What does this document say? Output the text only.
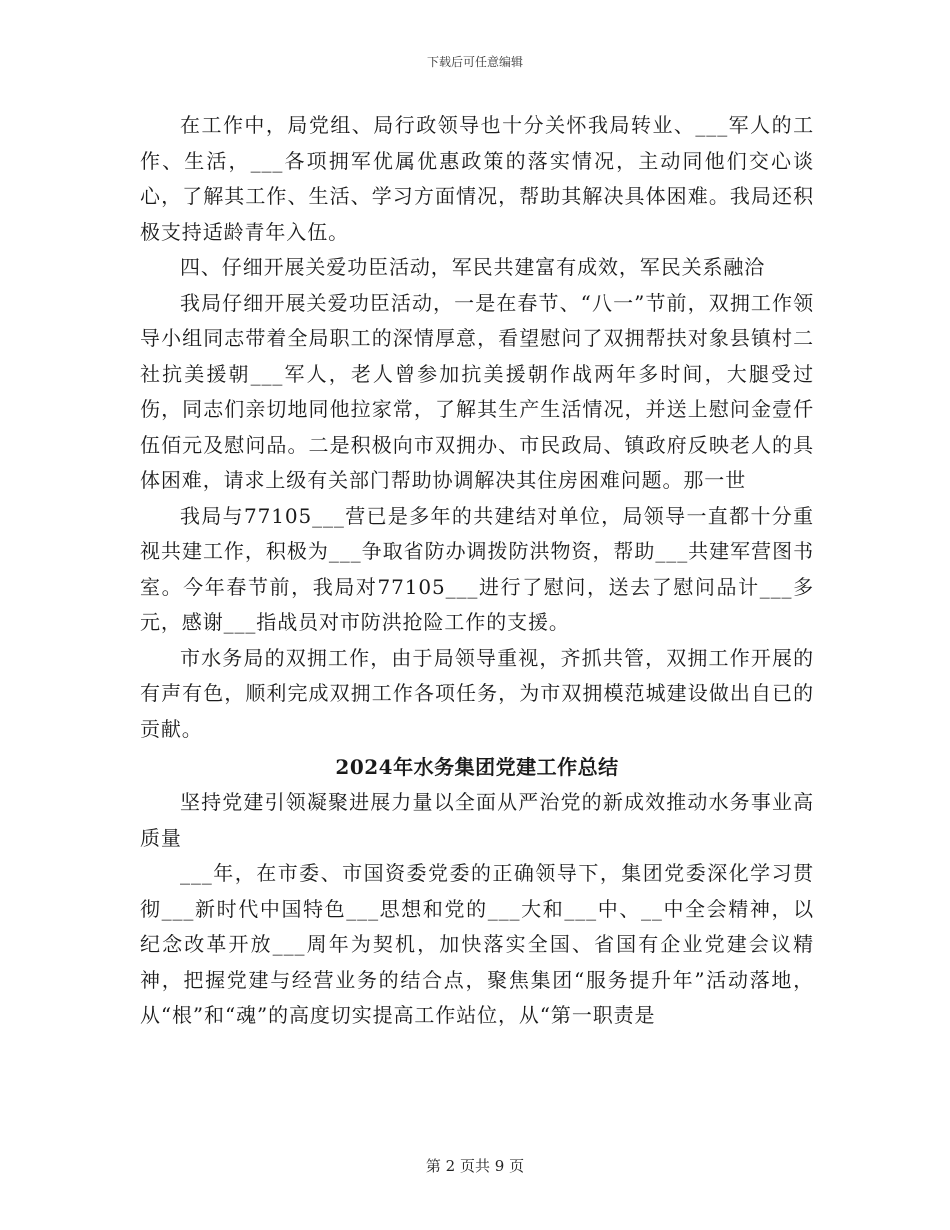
下载后可任意编辑

在工作中，局党组、局行政领导也十分关怀我局转业、___军人的工作、生活，___各项拥军优属优惠政策的落实情况，主动同他们交心谈心，了解其工作、生活、学习方面情况，帮助其解决具体困难。我局还积极支持适龄青年入伍。

四、仔细开展关爱功臣活动，军民共建富有成效，军民关系融洽

我局仔细开展关爱功臣活动，一是在春节、“八一”节前，双拥工作领导小组同志带着全局职工的深情厚意，看望慰问了双拥帮扶对象县镇村二社抗美援朝___军人，老人曾参加抗美援朝作战两年多时间，大腿受过伤，同志们亲切地同他拉家常，了解其生产生活情况，并送上慰问金壹仟伍佰元及慰问品。二是积极向市双拥办、市民政局、镇政府反映老人的具体困难，请求上级有关部门帮助协调解决其住房困难问题。那一世

我局与77105___营已是多年的共建结对单位，局领导一直都十分重视共建工作，积极为___争取省防办调拨防洪物资，帮助___共建军营图书室。今年春节前，我局对77105___进行了慰问，送去了慰问品计___多元，感谢___指战员对市防洪抢险工作的支援。

市水务局的双拥工作，由于局领导重视，齐抓共管，双拥工作开展的有声有色，顺利完成双拥工作各项任务，为市双拥模范城建设做出自已的贡献。

2024年水务集团党建工作总结

坚持党建引领凝聚进展力量以全面从严治党的新成效推动水务事业高质量

___年，在市委、市国资委党委的正确领导下，集团党委深化学习贯彻___新时代中国特色___思想和党的___大和___中、__中全会精神，以纪念改革开放___周年为契机，加快落实全国、省国有企业党建会议精神，把握党建与经营业务的结合点，聚焦集团“服务提升年”活动落地，从“根”和“魂”的高度切实提高工作站位，从“第一职责是

第 2 页共 9 页
